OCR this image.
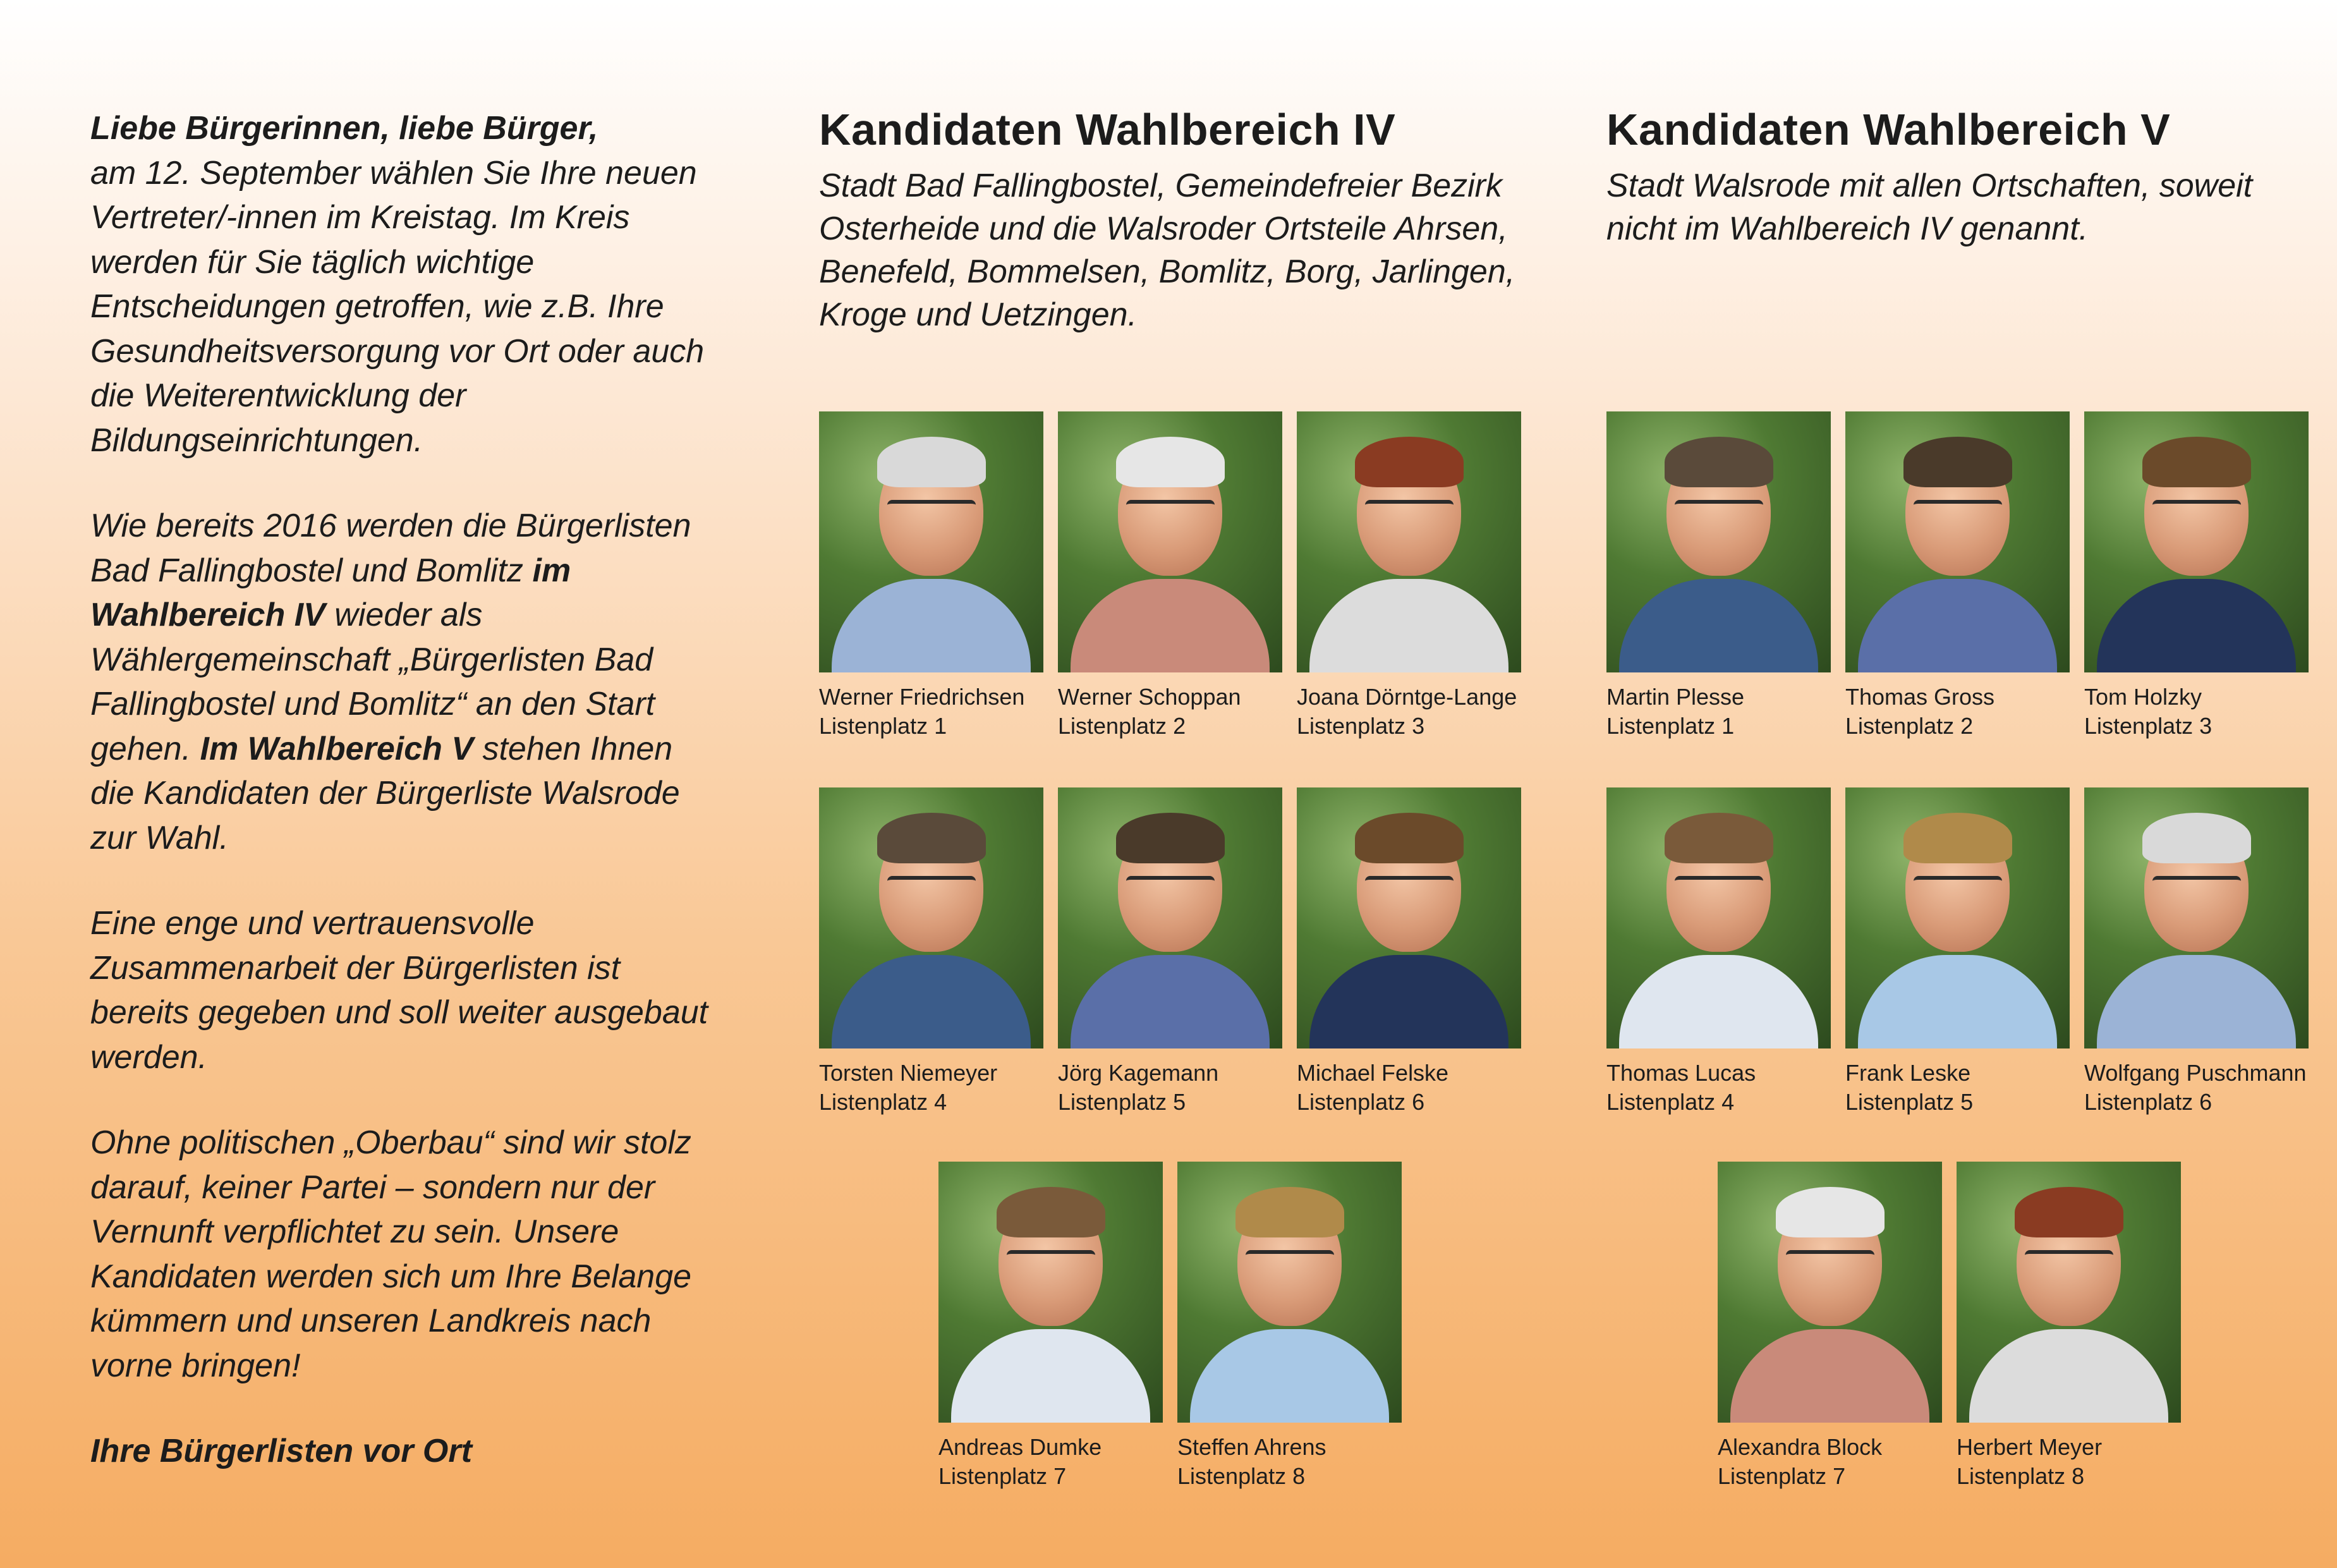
Liebe Bürgerinnen, liebe Bürger,

am 12. September wählen Sie Ihre neuen Vertreter/-innen im Kreistag. Im Kreis werden für Sie täglich wichtige Entscheidungen getroffen, wie z.B. Ihre Gesundheitsversorgung vor Ort oder auch die Weiterentwicklung der Bildungseinrichtungen.

Wie bereits 2016 werden die Bürgerlisten Bad Fallingbostel und Bomlitz im Wahlbereich IV wieder als Wählergemeinschaft „Bürgerlisten Bad Fallingbostel und Bomlitz“ an den Start gehen. Im Wahlbereich V stehen Ihnen die Kandidaten der Bürgerliste Walsrode zur Wahl.

Eine enge und vertrauensvolle Zusammenarbeit der Bürgerlisten ist bereits gegeben und soll weiter ausgebaut werden.

Ohne politischen „Oberbau“ sind wir stolz darauf, keiner Partei – sondern nur der Vernunft verpflichtet zu sein. Unsere Kandidaten werden sich um Ihre Belange kümmern und unseren Landkreis nach vorne bringen!

Ihre Bürgerlisten vor Ort

Kandidaten Wahlbereich IV

Stadt Bad Fallingbostel, Gemeindefreier Bezirk Osterheide und die Walsroder Ortsteile Ahrsen, Benefeld, Bommelsen, Bomlitz, Borg, Jarlingen, Kroge und Uetzingen.

Werner Friedrichsen
Listenplatz 1
Werner Schoppan
Listenplatz 2
Joana Dörntge-Lange
Listenplatz 3
Torsten Niemeyer
Listenplatz 4
Jörg Kagemann
Listenplatz 5
Michael Felske
Listenplatz 6
Andreas Dumke
Listenplatz 7
Steffen Ahrens
Listenplatz 8
Kandidaten Wahlbereich V

Stadt Walsrode mit allen Ortschaften, soweit nicht im Wahlbereich IV genannt.

Martin Plesse
Listenplatz 1
Thomas Gross
Listenplatz 2
Tom Holzky
Listenplatz 3
Thomas Lucas
Listenplatz 4
Frank Leske
Listenplatz 5
Wolfgang Puschmann
Listenplatz 6
Alexandra Block
Listenplatz 7
Herbert Meyer
Listenplatz 8
